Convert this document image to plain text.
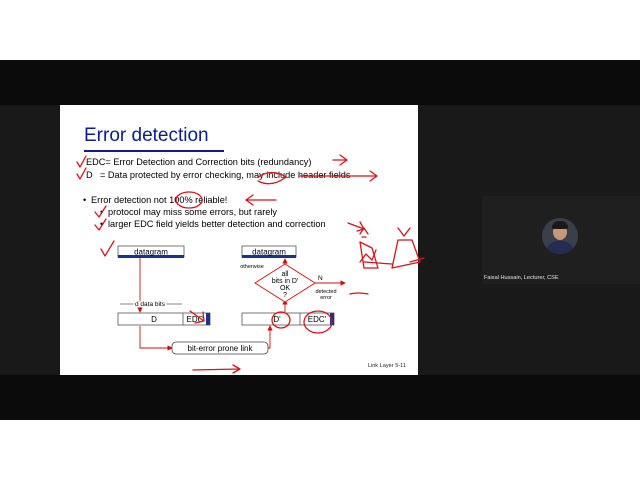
Error detection
EDC= Error Detection and Correction bits (redundancy)
D = Data protected by error checking, may include header fields
• Error detection not 100% reliable!
• protocol may miss some errors, but rarely
• larger EDC field yields better detection and correction
datagram	datagram
d data bits
D	EDC	D'	EDC'
bit-error prone link
all
bits in D'
OK
?
otherwise
N
detected
error
Link Layer 5-11
Faisal Hussain, Lecturer, CSE
